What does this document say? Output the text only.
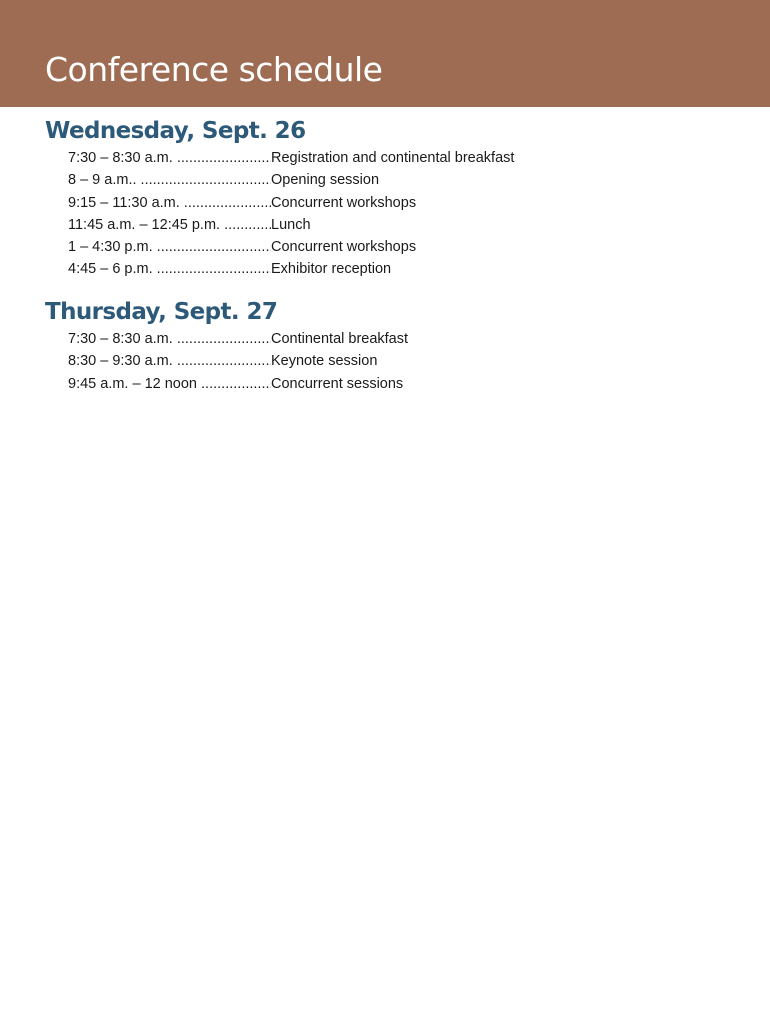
Conference schedule
Wednesday, Sept. 26
7:30 – 8:30 a.m. .....	Registration and continental breakfast
8 – 9 a.m.. .....	Opening session
9:15 – 11:30 a.m. .....	Concurrent workshops
11:45 a.m. – 12:45 p.m. .....	Lunch
1 – 4:30 p.m. .....	Concurrent workshops
4:45 – 6 p.m. .....	Exhibitor reception
Thursday, Sept. 27
7:30 – 8:30 a.m. .....	Continental breakfast
8:30 – 9:30 a.m. .....	Keynote session
9:45 a.m. – 12 noon .....	Concurrent sessions
